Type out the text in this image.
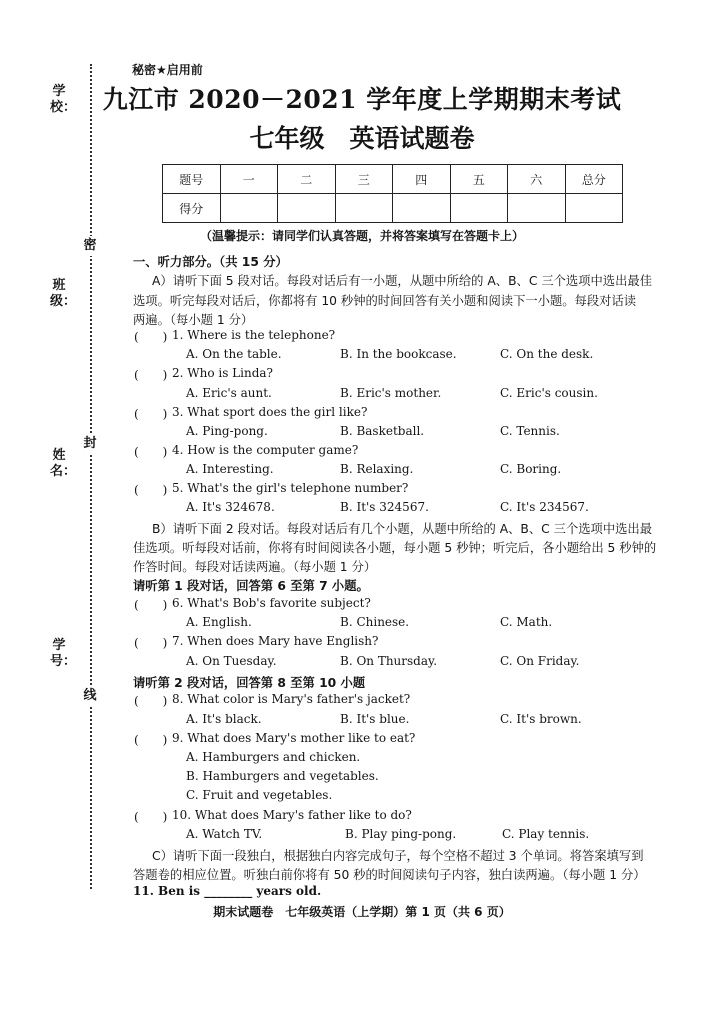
学校：
班级：
姓名：
学号：
密
封
线
秘密★启用前
九江市 2020－2021 学年度上学期期末考试
七年级　英语试题卷
题号	一	二	三	四	五	六	总分
得分							
（温馨提示：请同学们认真答题，并将答案填写在答题卡上）
一、听力部分。（共 15 分）
A）请听下面 5 段对话。每段对话后有一小题，从题中所给的 A、B、C 三个选项中选出最佳
选项。听完每段对话后，你都将有 10 秒钟的时间回答有关小题和阅读下一小题。每段对话读
两遍。（每小题 1 分）
(　　) 1. Where is the telephone?
A. On the table.	B. In the bookcase.	C. On the desk.
(　　) 2. Who is Linda?
A. Eric's aunt.	B. Eric's mother.	C. Eric's cousin.
(　　) 3. What sport does the girl like?
A. Ping-pong.	B. Basketball.	C. Tennis.
(　　) 4. How is the computer game?
A. Interesting.	B. Relaxing.	C. Boring.
(　　) 5. What's the girl's telephone number?
A. It's 324678.	B. It's 324567.	C. It's 234567.
B）请听下面 2 段对话。每段对话后有几个小题，从题中所给的 A、B、C 三个选项中选出最
佳选项。听每段对话前，你将有时间阅读各小题，每小题 5 秒钟；听完后，各小题给出 5 秒钟的
作答时间。每段对话读两遍。（每小题 1 分）
请听第 1 段对话，回答第 6 至第 7 小题。
(　　) 6. What's Bob's favorite subject?
A. English.	B. Chinese.	C. Math.
(　　) 7. When does Mary have English?
A. On Tuesday.	B. On Thursday.	C. On Friday.
请听第 2 段对话，回答第 8 至第 10 小题
(　　) 8. What color is Mary's father's jacket?
A. It's black.	B. It's blue.	C. It's brown.
(　　) 9. What does Mary's mother like to eat?
A. Hamburgers and chicken.
B. Hamburgers and vegetables.
C. Fruit and vegetables.
(　　) 10. What does Mary's father like to do?
A. Watch TV.	B. Play ping-pong.	C. Play tennis.
C）请听下面一段独白，根据独白内容完成句子，每个空格不超过 3 个单词。将答案填写到
答题卷的相应位置。听独白前你将有 50 秒的时间阅读句子内容，独白读两遍。（每小题 1 分）
11. Ben is ________ years old.
期末试题卷　七年级英语（上学期）第 1 页（共 6 页）
